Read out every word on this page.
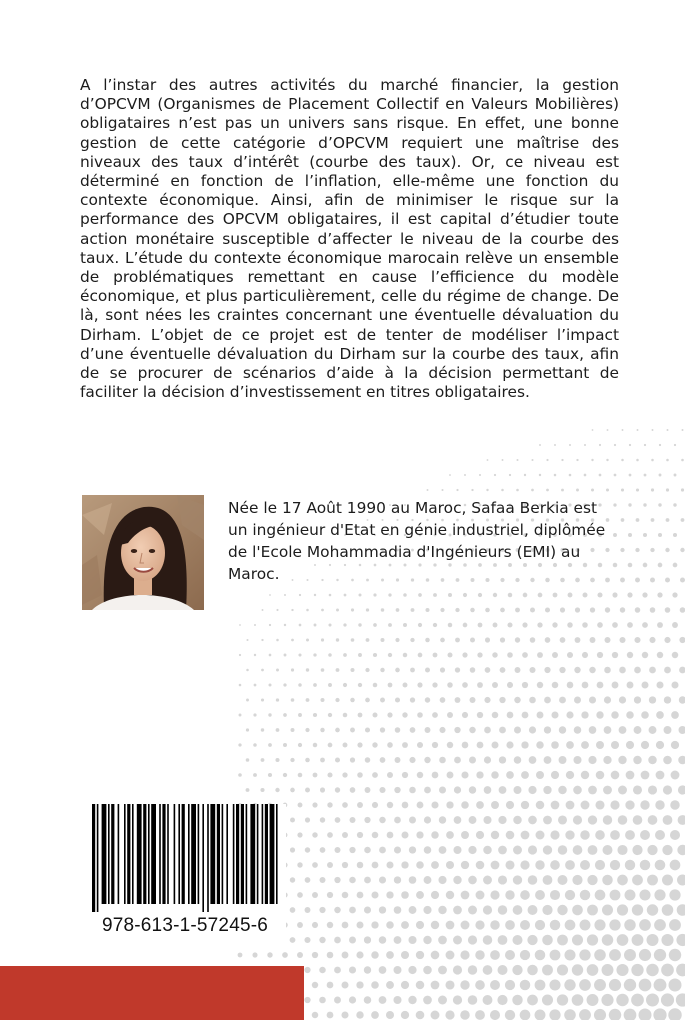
A l’instar des autres activités du marché financier, la gestion d’OPCVM (Organismes de Placement Collectif en Valeurs Mobilières) obligataires n’est pas un univers sans risque. En effet, une bonne gestion de cette catégorie d’OPCVM requiert une maîtrise des niveaux des taux d’intérêt (courbe des taux). Or, ce niveau est déterminé en fonction de l’inflation, elle-même une fonction du contexte économique. Ainsi, afin de minimiser le risque sur la performance des OPCVM obligataires, il est capital d’étudier toute action monétaire susceptible d’affecter le niveau de la courbe des taux. L’étude du contexte économique marocain relève un ensemble de problématiques remettant en cause l’efficience du modèle économique, et plus particulièrement, celle du régime de change. De là, sont nées les craintes concernant une éventuelle dévaluation du Dirham. L’objet de ce projet est de tenter de modéliser l’impact d’une éventuelle dévaluation du Dirham sur la courbe des taux, afin de se procurer de scénarios d’aide à la décision permettant de faciliter la décision d’investissement en titres obligataires.

Née le 17 Août 1990 au Maroc, Safaa Berkia est un ingénieur d'Etat en génie industriel, diplômée de l'Ecole Mohammadia d'Ingénieurs (EMI) au Maroc.

978-613-1-57245-6
